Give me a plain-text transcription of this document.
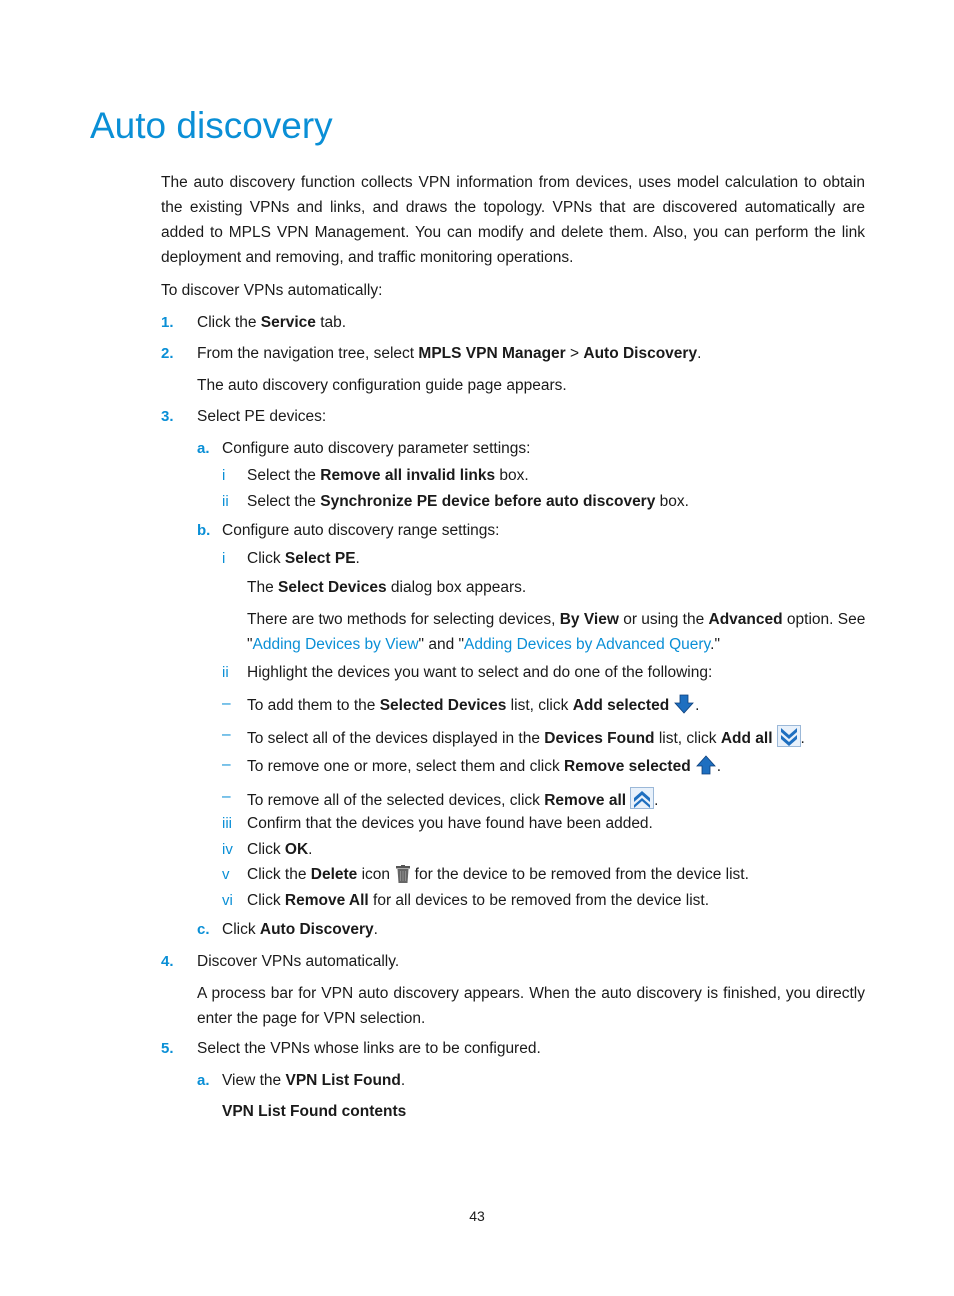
Auto discovery
The auto discovery function collects VPN information from devices, uses model calculation to obtain the existing VPNs and links, and draws the topology. VPNs that are discovered automatically are added to MPLS VPN Management. You can modify and delete them. Also, you can perform the link deployment and removing, and traffic monitoring operations.
To discover VPNs automatically:
1. Click the Service tab.
2. From the navigation tree, select MPLS VPN Manager > Auto Discovery.
The auto discovery configuration guide page appears.
3. Select PE devices:
a. Configure auto discovery parameter settings:
i Select the Remove all invalid links box.
ii Select the Synchronize PE device before auto discovery box.
b. Configure auto discovery range settings:
i Click Select PE.
The Select Devices dialog box appears.
There are two methods for selecting devices, By View or using the Advanced option. See
"Adding Devices by View" and "Adding Devices by Advanced Query."
ii Highlight the devices you want to select and do one of the following:
– To add them to the Selected Devices list, click Add selected .
– To select all of the devices displayed in the Devices Found list, click Add all .
– To remove one or more, select them and click Remove selected .
– To remove all of the selected devices, click Remove all .
iii Confirm that the devices you have found have been added.
iv Click OK.
v Click the Delete icon  for the device to be removed from the device list.
vi Click Remove All for all devices to be removed from the device list.
c. Click Auto Discovery.
4. Discover VPNs automatically.
A process bar for VPN auto discovery appears. When the auto discovery is finished, you directly enter the page for VPN selection.
5. Select the VPNs whose links are to be configured.
a. View the VPN List Found.
VPN List Found contents
43
